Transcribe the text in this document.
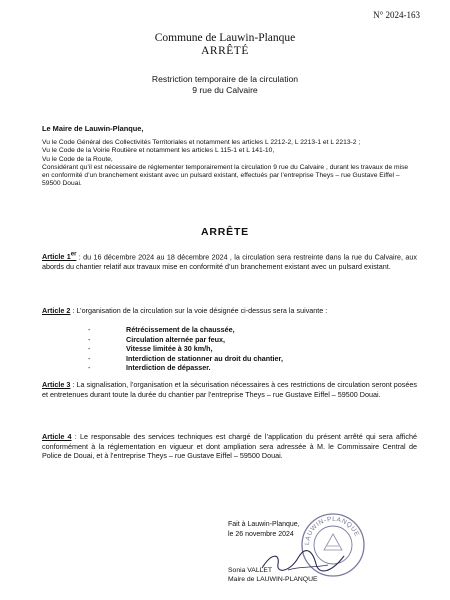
N° 2024-163
Commune de Lauwin-Planque
ARRÊTÉ
Restriction temporaire de la circulation
9 rue du Calvaire
Le Maire de Lauwin-Planque,

Vu le Code Général des Collectivités Territoriales et notamment les articles L 2212-2, L 2213-1 et L 2213-2 ;

Vu le Code de la Voirie Routière et notamment les articles L 115-1 et L 141-10,

Vu le Code de la Route,

Considérant qu’il est nécessaire de réglementer temporairement la circulation 9 rue du Calvaire , durant les travaux de mise en conformité d’un branchement existant avec un pulsard existant, effectués par l’entreprise Theys – rue Gustave Eiffel – 59500 Douai.

ARRÊTE
Article 1er : du 16 décembre 2024 au 18 décembre 2024 , la circulation sera restreinte dans la rue du Calvaire, aux abords du chantier relatif aux travaux mise en conformité d’un branchement existant avec un pulsard existant.
Article 2 : L’organisation de la circulation sur la voie désignée ci-dessus sera la suivante :
-	Rétrécissement de la chaussée,
-	Circulation alternée par feux,
-	Vitesse limitée à 30 km/h,
-	Interdiction de stationner au droit du chantier,
-	Interdiction de dépasser.
Article 3 : La signalisation, l’organisation et la sécurisation nécessaires à ces restrictions de circulation seront posées et entretenues durant toute la durée du chantier par l’entreprise Theys – rue Gustave Eiffel – 59500 Douai.
Article 4 : Le responsable des services techniques est chargé de l’application du présent arrêté qui sera affiché conformément à la réglementation en vigueur et dont ampliation sera adressée à M. le Commissaire Central de Police de Douai, et à l’entreprise Theys – rue Gustave Eiffel – 59500 Douai.
Fait à Lauwin-Planque,
le 26 novembre 2024
LAUWIN-PLANQUE
Sonia VALLET
Maire de LAUWIN-PLANQUE
